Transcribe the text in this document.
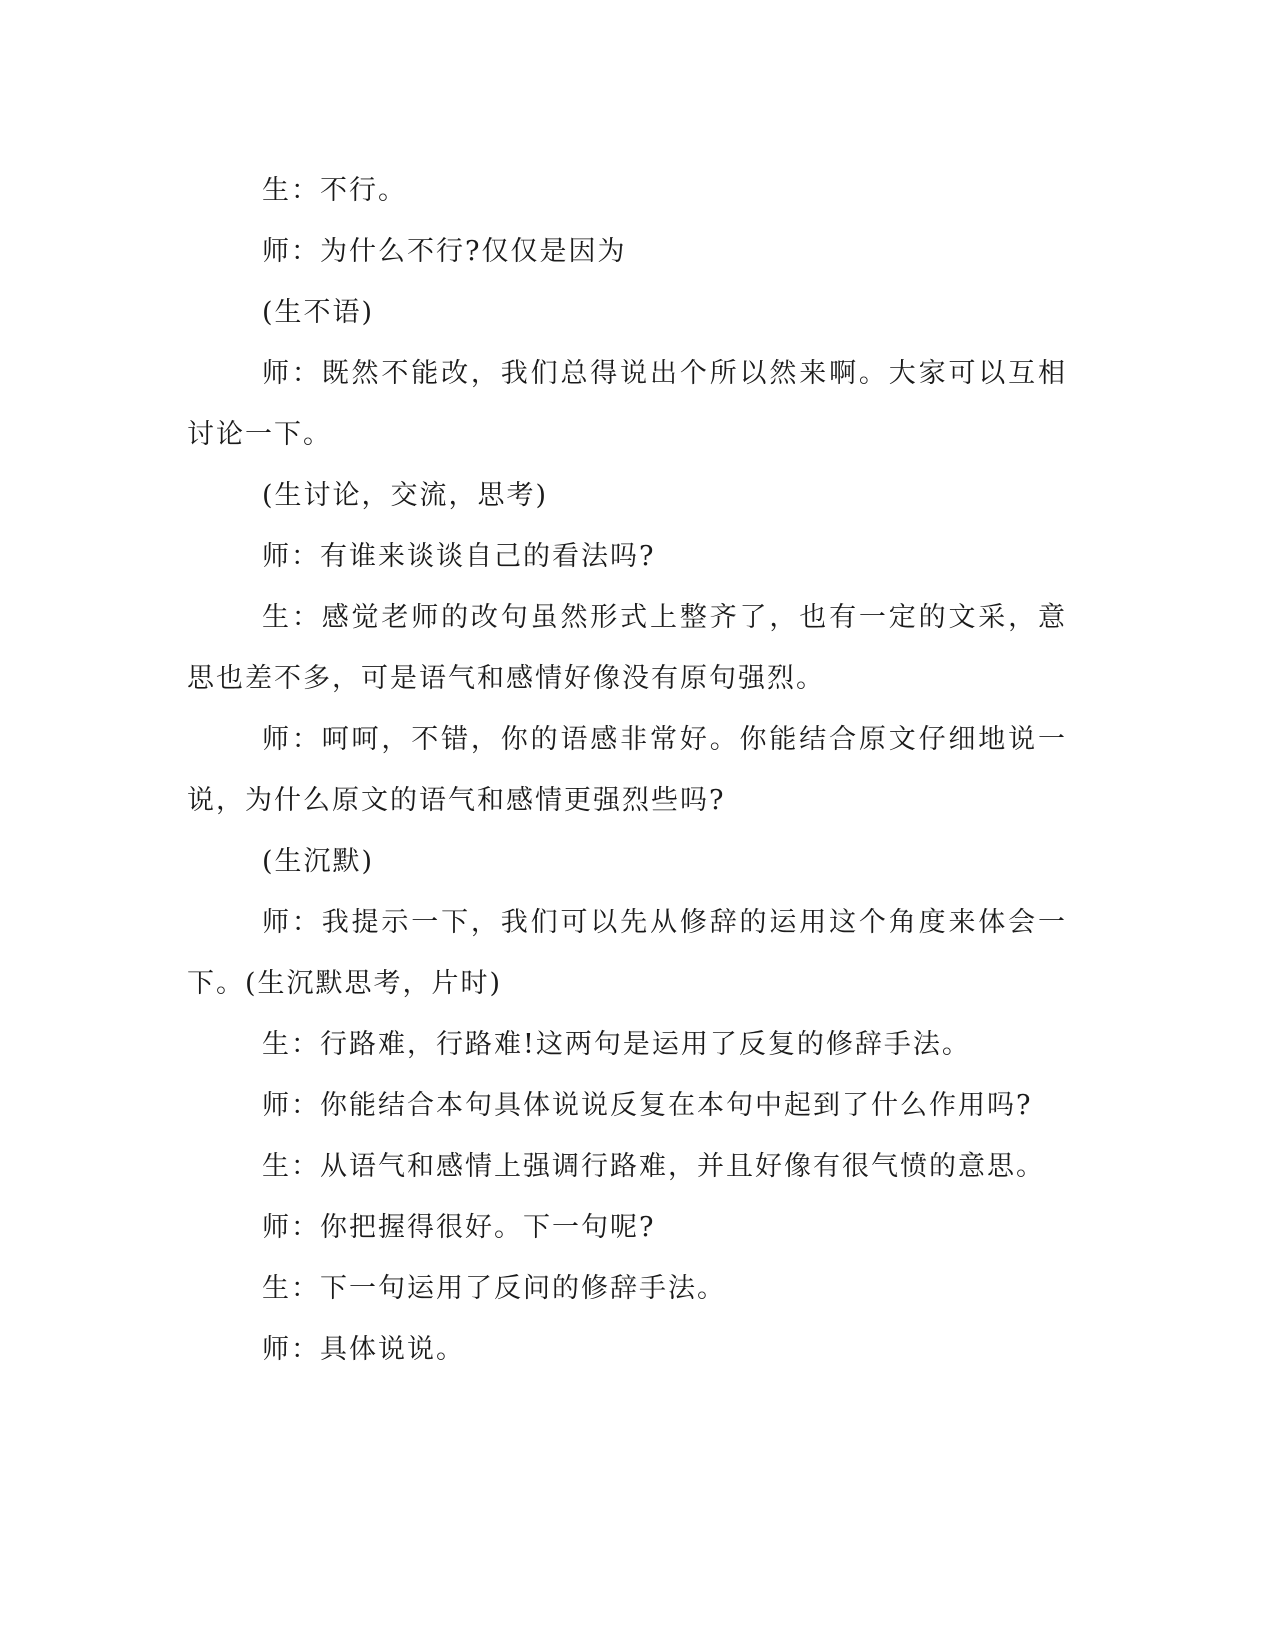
生：不行。

师：为什么不行?仅仅是因为

(生不语)

师：既然不能改，我们总得说出个所以然来啊。大家可以互相讨论一下。

(生讨论，交流，思考)

师：有谁来谈谈自己的看法吗?

生：感觉老师的改句虽然形式上整齐了，也有一定的文采，意思也差不多，可是语气和感情好像没有原句强烈。

师：呵呵，不错，你的语感非常好。你能结合原文仔细地说一说，为什么原文的语气和感情更强烈些吗?

(生沉默)

师：我提示一下，我们可以先从修辞的运用这个角度来体会一下。(生沉默思考，片时)

生：行路难，行路难!这两句是运用了反复的修辞手法。

师：你能结合本句具体说说反复在本句中起到了什么作用吗?

生：从语气和感情上强调行路难，并且好像有很气愤的意思。

师：你把握得很好。下一句呢?

生：下一句运用了反问的修辞手法。

师：具体说说。
